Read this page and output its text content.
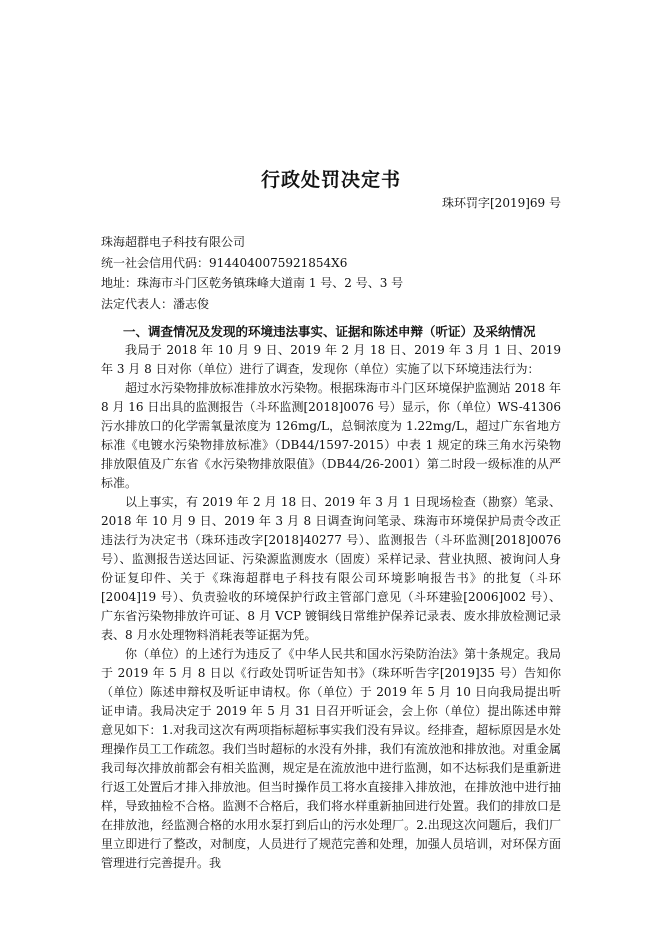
行政处罚决定书
珠环罚字[2019]69 号
珠海超群电子科技有限公司
统一社会信用代码：9144040075921854X6
地址：珠海市斗门区乾务镇珠峰大道南 1 号、2 号、3 号
法定代表人：潘志俊
一、调查情况及发现的环境违法事实、证据和陈述申辩（听证）及采纳情况

我局于 2018 年 10 月 9 日、2019 年 2 月 18 日、2019 年 3 月 1 日、2019 年 3 月 8 日对你（单位）进行了调查，发现你（单位）实施了以下环境违法行为：

超过水污染物排放标准排放水污染物。根据珠海市斗门区环境保护监测站 2018 年 8 月 16 日出具的监测报告（斗环监测[2018]0076 号）显示，你（单位）WS-41306 污水排放口的化学需氧量浓度为 126mg/L，总铜浓度为 1.22mg/L，超过广东省地方标准《电镀水污染物排放标准》（DB44/1597-2015）中表 1 规定的珠三角水污染物排放限值及广东省《水污染物排放限值》（DB44/26-2001）第二时段一级标准的从严标准。

以上事实，有 2019 年 2 月 18 日、2019 年 3 月 1 日现场检查（勘察）笔录、2018 年 10 月 9 日、2019 年 3 月 8 日调查询问笔录、珠海市环境保护局责令改正违法行为决定书（珠环违改字[2018]40277 号）、监测报告（斗环监测[2018]0076 号）、监测报告送达回证、污染源监测废水（固废）采样记录、营业执照、被询问人身份证复印件、关于《珠海超群电子科技有限公司环境影响报告书》的批复（斗环[2004]19 号）、负责验收的环境保护行政主管部门意见（斗环建验[2006]002 号）、广东省污染物排放许可证、8 月 VCP 镀铜线日常维护保养记录表、废水排放检测记录表、8 月水处理物料消耗表等证据为凭。

你（单位）的上述行为违反了《中华人民共和国水污染防治法》第十条规定。我局于 2019 年 5 月 8 日以《行政处罚听证告知书》（珠环听告字[2019]35 号）告知你（单位）陈述申辩权及听证申请权。你（单位）于 2019 年 5 月 10 日向我局提出听证申请。我局决定于 2019 年 5 月 31 日召开听证会，会上你（单位）提出陈述申辩意见如下：1.对我司这次有两项指标超标事实我们没有异议。经排查，超标原因是水处理操作员工工作疏忽。我们当时超标的水没有外排，我们有流放池和排放池。对重金属我司每次排放前都会有相关监测，规定是在流放池中进行监测，如不达标我们是重新进行返工处置后才排入排放池。但当时操作员工将水直接排入排放池，在排放池中进行抽样，导致抽检不合格。监测不合格后，我们将水样重新抽回进行处置。我们的排放口是在排放池，经监测合格的水用水泵打到后山的污水处理厂。2.出现这次问题后，我们厂里立即进行了整改，对制度，人员进行了规范完善和处理，加强人员培训，对环保方面管理进行完善提升。我
